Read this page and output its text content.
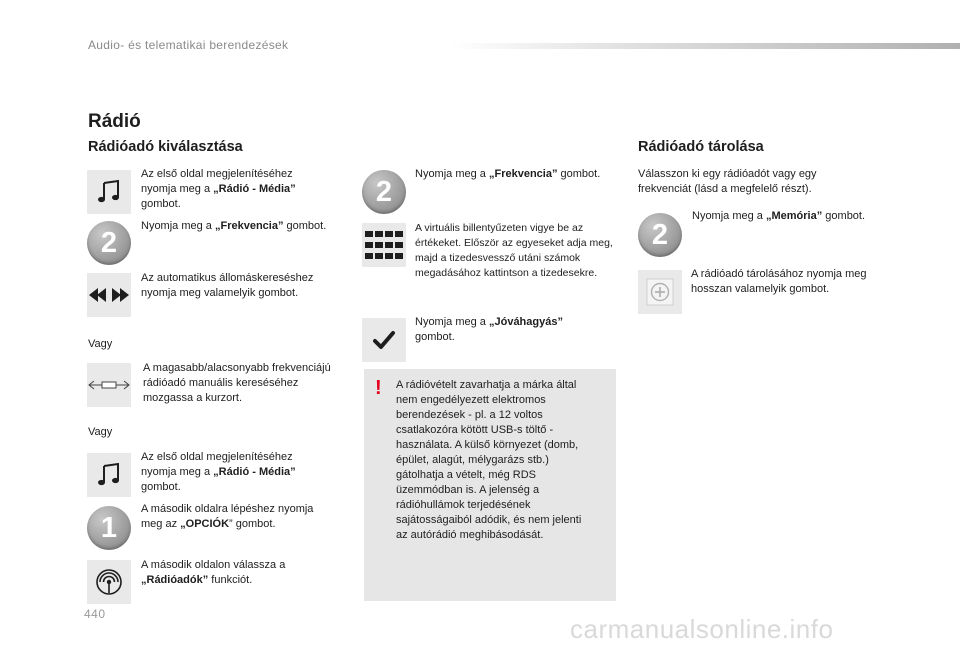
Audio- és telematikai berendezések
Rádió
Rádióadó kiválasztása
Az első oldal megjelenítéséhez nyomja meg a „Rádió - Média” gombot.
2
Nyomja meg a „Frekvencia” gombot.
Az automatikus állomáskereséshez nyomja meg valamelyik gombot.
Vagy
A magasabb/alacsonyabb frekvenciájú rádióadó manuális kereséséhez mozgassa a kurzort.
Vagy
Az első oldal megjelenítéséhez nyomja meg a „Rádió - Média” gombot.
1
A második oldalra lépéshez nyomja meg az „OPCIÓK” gombot.
A második oldalon válassza a „Rádióadók” funkciót.
2
Nyomja meg a „Frekvencia” gombot.
A virtuális billentyűzeten vigye be az értékeket. Először az egyeseket adja meg, majd a tizedesvessző utáni számok megadásához kattintson a tizedesekre.
Nyomja meg a „Jóváhagyás” gombot.
! A rádióvételt zavarhatja a márka által nem engedélyezett elektromos berendezések - pl. a 12 voltos csatlakozóra kötött USB-s töltő -használata. A külső környezet (domb, épület, alagút, mélygarázs stb.) gátolhatja a vételt, még RDS üzemmódban is. A jelenség a rádióhullámok terjedésének sajátosságaiból adódik, és nem jelenti az autórádió meghibásodását.
Rádióadó tárolása
Válasszon ki egy rádióadót vagy egy frekvenciát (lásd a megfelelő részt).
2
Nyomja meg a „Memória” gombot.
A rádióadó tárolásához nyomja meg hosszan valamelyik gombot.
440	carmanualsonline.info
